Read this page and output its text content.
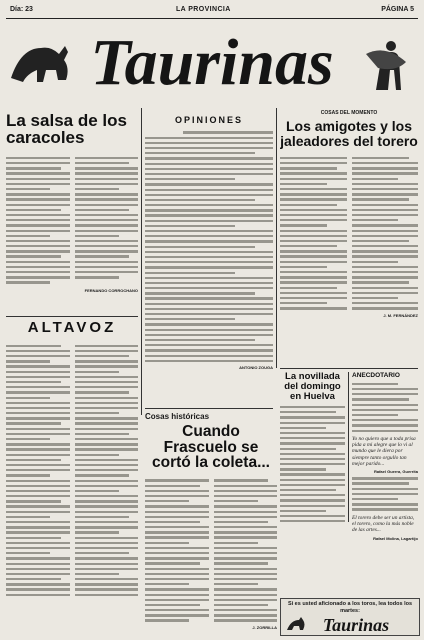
Día: 23	LA PROVINCIA	PÁGINA 5
Taurinas
La salsa de los caracoles
FERNANDO CORROCHANO
ALTAVOZ
OPINIONES
ANTONIO ZOUGA
COSAS DEL MOMENTO
Los amigotes y los jaleadores del torero
J. M. FERNÁNDEZ
La novillada del domingo en Huelva
ANECDOTARIO
Yo no quiero que a toda prisa pida a mi alegre que lo vi al mundo que le diera por siempre tanto orgullo tan mejor parido...
Rafael Guerra, Guerrita
El torero debe ser un artista, el torero, como la más noble de las artes...
Rafael Molina, Lagartijo
Cosas históricas
Cuando Frascuelo se cortó la coleta...
J. ZORRILLA
Si es usted aficionado a los toros, lea todos los martes:
Taurinas
